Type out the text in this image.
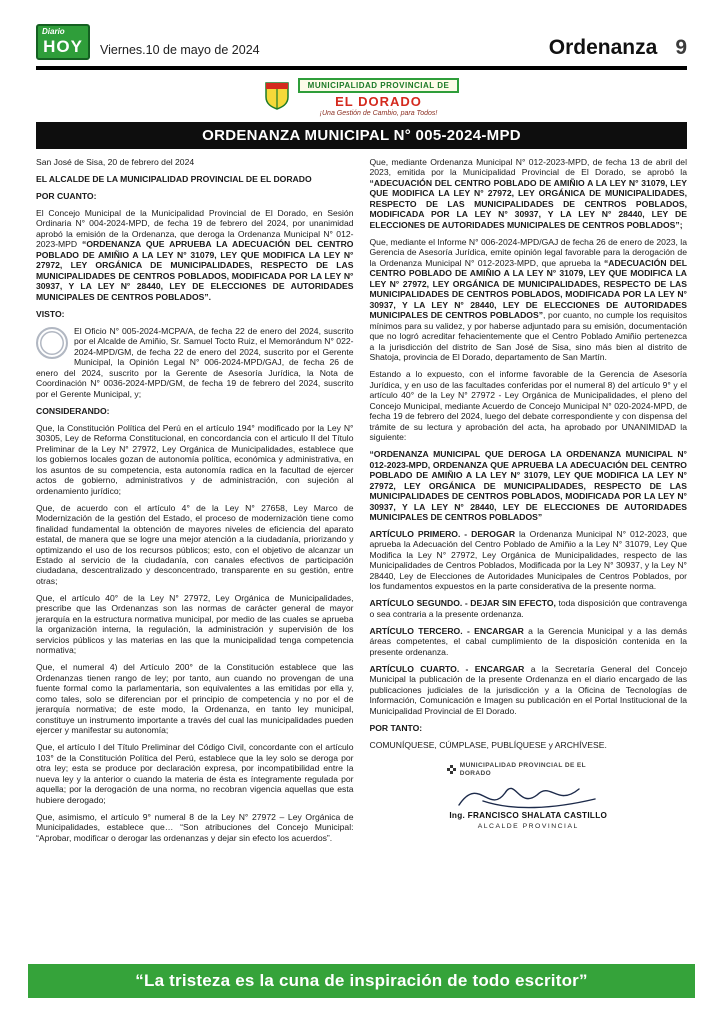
Diario
HOY	Viernes.10 de mayo de 2024	Ordenanza 9
MUNICIPALIDAD PROVINCIAL DE
EL DORADO
¡Una Gestión de Cambio, para Todos!
ORDENANZA MUNICIPAL N° 005-2024-MPD

San José de Sisa, 20 de febrero del 2024

EL ALCALDE DE LA MUNICIPALIDAD PROVINCIAL DE EL DORADO

POR CUANTO:

El Concejo Municipal de la Municipalidad Provincial de El Dorado, en Sesión Ordinaria N° 004-2024-MPD, de fecha 19 de febrero del 2024, por unanimidad aprobó la emisión de la Ordenanza, que deroga la Ordenanza Municipal N° 012-2023-MPD “ORDENANZA QUE APRUEBA LA ADECUACIÓN DEL CENTRO POBLADO DE AMIÑIO A LA LEY N° 31079, LEY QUE MODIFICA LA LEY N° 27972, LEY ORGÁNICA DE MUNICIPALIDADES, RESPECTO DE LAS MUNICIPALIDADES DE CENTROS POBLADOS, MODIFICADA POR LA LEY N° 30937, Y LA LEY N° 28440, LEY DE ELECCIONES DE AUTORIDADES MUNICIPALES DE CENTROS POBLADOS”.

VISTO:

El Oficio N° 005-2024-MCPA/A, de fecha 22 de enero del 2024, suscrito por el Alcalde de Amiñio, Sr. Samuel Tocto Ruiz, el Memorándum N° 022-2024-MPD/GM, de fecha 22 de enero del 2024, suscrito por el Gerente Municipal, la Opinión Legal N° 006-2024-MPD/GAJ, de fecha 26 de enero del 2024, suscrito por la Gerente de Asesoría Jurídica, la Nota de Coordinación N° 0036-2024-MPD/GM, de fecha 19 de febrero del 2024, suscrito por el Gerente Municipal, y;

CONSIDERANDO:

Que, la Constitución Política del Perú en el artículo 194° modificado por la Ley N° 30305, Ley de Reforma Constitucional, en concordancia con el articulo II del Título Preliminar de la Ley N° 27972, Ley Orgánica de Municipalidades, establece que los gobiernos locales gozan de autonomía política, económica y administrativa, en los asuntos de su competencia, esta autonomía radica en la facultad de ejercer actos de gobierno, administrativos y de administración, con sujeción al ordenamiento jurídico;

Que, de acuerdo con el artículo 4° de la Ley N° 27658, Ley Marco de Modernización de la gestión del Estado, el proceso de modernización tiene como finalidad fundamental la obtención de mayores niveles de eficiencia del aparato estatal, de manera que se logre una mejor atención a la ciudadanía, priorizando y optimizando el uso de los recursos públicos; esto, con el objetivo de alcanzar un Estado al servicio de la ciudadanía, con canales efectivos de participación ciudadana, descentralizado y desconcentrado, transparente en su gestión, entre otras;

Que, el artículo 40° de la Ley N° 27972, Ley Orgánica de Municipalidades, prescribe que las Ordenanzas son las normas de carácter general de mayor jerarquía en la estructura normativa municipal, por medio de las cuales se aprueba la organización interna, la regulación, la administración y supervisión de los servicios públicos y las materias en las que la municipalidad tenga competencia normativa;

Que, el numeral 4) del Artículo 200° de la Constitución establece que las Ordenanzas tienen rango de ley; por tanto, aun cuando no provengan de una fuente formal como la parlamentaria, son equivalentes a las emitidas por ella y, como tales, solo se diferencian por el principio de competencia y no por el de jerarquía normativa; de este modo, la Ordenanza, en tanto ley municipal, constituye un instrumento importante a través del cual las municipalidades pueden ejercer y manifestar su autonomía;

Que, el artículo I del Título Preliminar del Código Civil, concordante con el artículo 103° de la Constitución Política del Perú, establece que la ley solo se deroga por otra ley; esta se produce por declaración expresa, por incompatibilidad entre la nueva ley y la anterior o cuando la materia de ésta es íntegramente regulada por aquella; por la derogación de una norma, no recobran vigencia aquellas que esta hubiere derogado;

Que, asimismo, el artículo 9° numeral 8 de la Ley N° 27972 – Ley Orgánica de Municipalidades, establece que… “Son atribuciones del Concejo Municipal: “Aprobar, modificar o derogar las ordenanzas y dejar sin efecto los acuerdos”.

Que, mediante Ordenanza Municipal N° 012-2023-MPD, de fecha 13 de abril del 2023, emitida por la Municipalidad Provincial de El Dorado, se aprobó la “ADECUACIÓN DEL CENTRO POBLADO DE AMIÑIO A LA LEY N° 31079, LEY QUE MODIFICA LA LEY N° 27972, LEY ORGÁNICA DE MUNICIPALIDADES, RESPECTO DE LAS MUNICIPALIDADES DE CENTROS POBLADOS, MODIFICADA POR LA LEY N° 30937, Y LA LEY N° 28440, LEY DE ELECCIONES DE AUTORIDADES MUNICIPALES DE CENTROS POBLADOS”;

Que, mediante el Informe N° 006-2024-MPD/GAJ de fecha 26 de enero de 2023, la Gerencia de Asesoría Jurídica, emite opinión legal favorable para la derogación de la Ordenanza Municipal N° 012-2023-MPD, que aprueba la “ADECUACIÓN DEL CENTRO POBLADO DE AMIÑIO A LA LEY N° 31079, LEY QUE MODIFICA LA LEY N° 27972, LEY ORGÁNICA DE MUNICIPALIDADES, RESPECTO DE LAS MUNICIPALIDADES DE CENTROS POBLADOS, MODIFICADA POR LA LEY N° 30937, Y LA LEY N° 28440, LEY DE ELECCIONES DE AUTORIDADES MUNICIPALES DE CENTROS POBLADOS”, por cuanto, no cumple los requisitos mínimos para su validez, y por haberse adjuntado para su emisión, documentación que no logró acreditar fehacientemente que el Centro Poblado Amiñio pertenezca a la jurisdicción del distrito de San José de Sisa, sino más bien al distrito de Shatoja, provincia de El Dorado, departamento de San Martín.

Estando a lo expuesto, con el informe favorable de la Gerencia de Asesoría Jurídica, y en uso de las facultades conferidas por el numeral 8) del artículo 9° y el artículo 40° de la Ley N° 27972 - Ley Orgánica de Municipalidades, el pleno del Concejo Municipal, mediante Acuerdo de Concejo Municipal N° 020-2024-MPD, de fecha 19 de febrero del 2024, luego del debate correspondiente y con dispensa del trámite de su lectura y aprobación del acta, ha aprobado por UNANIMIDAD la siguiente:

“ORDENANZA MUNICIPAL QUE DEROGA LA ORDENANZA MUNICIPAL N° 012-2023-MPD, ORDENANZA QUE APRUEBA LA ADECUACIÓN DEL CENTRO POBLADO DE AMIÑIO A LA LEY N° 31079, LEY QUE MODIFICA LA LEY N° 27972, LEY ORGÁNICA DE MUNICIPALIDADES, RESPECTO DE LAS MUNICIPALIDADES DE CENTROS POBLADOS, MODIFICADA POR LA LEY N° 30937, Y LA LEY N° 28440, LEY DE ELECCIONES DE AUTORIDADES MUNICIPALES DE CENTROS POBLADOS”

ARTÍCULO PRIMERO. - DEROGAR la Ordenanza Municipal N° 012-2023, que aprueba la Adecuación del Centro Poblado de Amiñio a la Ley N° 31079, Ley Que Modifica la Ley N° 27972, Ley Orgánica de Municipalidades, respecto de las Municipalidades de Centros Poblados, Modificada por la Ley N° 30937, y la Ley N° 28440, Ley de Elecciones de Autoridades Municipales de Centros Poblados, por los fundamentos expuestos en la parte considerativa de la presente norma.

ARTÍCULO SEGUNDO. - DEJAR SIN EFECTO, toda disposición que contravenga o sea contraria a la presente ordenanza.

ARTÍCULO TERCERO. - ENCARGAR a la Gerencia Municipal y a las demás áreas competentes, el cabal cumplimiento de la disposición contenida en la presente ordenanza.

ARTÍCULO CUARTO. - ENCARGAR a la Secretaría General del Concejo Municipal la publicación de la presente Ordenanza en el diario encargado de las publicaciones judiciales de la jurisdicción y a la Oficina de Tecnologías de Información, Comunicación e Imagen su publicación en el Portal Institucional de la Municipalidad Provincial de El Dorado.

POR TANTO:

COMUNÍQUESE, CÚMPLASE, PUBLÍQUESE y ARCHÍVESE.

MUNICIPALIDAD PROVINCIAL DE EL DORADO
Ing. FRANCISCO SHALATA CASTILLO
ALCALDE PROVINCIAL
“La tristeza es la cuna de inspiración de todo escritor”
